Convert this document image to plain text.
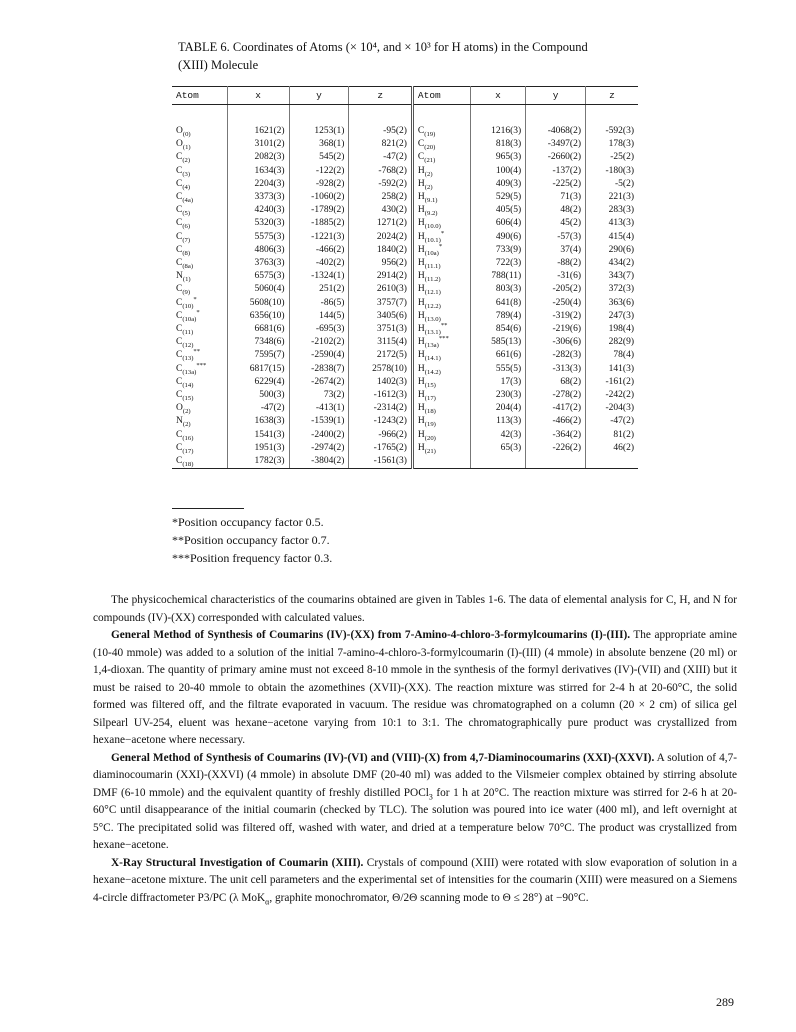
TABLE 6. Coordinates of Atoms (× 10⁴, and × 10³ for H atoms) in the Compound
(XIII) Molecule
Atom	x	y	z	Atom	x	y	z

$O_{(0)}$	1621(2)	1253(1)	-95(2)	$C_{(19)}$	1216(3)	-4068(2)	-592(3)
$O_{(1)}$	3101(2)	368(1)	821(2)	$C_{(20)}$	818(3)	-3497(2)	178(3)
$C_{(2)}$	2082(3)	545(2)	-47(2)	$C_{(21)}$	965(3)	-2660(2)	-25(2)
$C_{(3)}$	1634(3)	-122(2)	-768(2)	$H_{(2)}$	100(4)	-137(2)	-180(3)
$C_{(4)}$	2204(3)	-928(2)	-592(2)	$H_{(2)}$	409(3)	-225(2)	-5(2)
$C_{(4a)}$	3373(3)	-1060(2)	258(2)	$H_{(9.1)}$	529(5)	71(3)	221(3)
$C_{(5)}$	4240(3)	-1789(2)	430(2)	$H_{(9.2)}$	405(5)	48(2)	283(3)
$C_{(6)}$	5320(3)	-1885(2)	1271(2)	$H_{(10.0)}$	606(4)	45(2)	413(3)
$C_{(7)}$	5575(3)	-1221(3)	2024(2)	$H_{(10.1)}^*$	490(6)	-57(3)	415(4)
$C_{(8)}$	4806(3)	-466(2)	1840(2)	$H_{(10a)}^*$	733(9)	37(4)	290(6)
$C_{(8a)}$	3763(3)	-402(2)	956(2)	$H_{(11.1)}$	722(3)	-88(2)	434(2)
$N_{(1)}$	6575(3)	-1324(1)	2914(2)	$H_{(11.2)}$	788(11)	-31(6)	343(7)
$C_{(9)}$	5060(4)	251(2)	2610(3)	$H_{(12.1)}$	803(3)	-205(2)	372(3)
$C_{(10)}^*$	5608(10)	-86(5)	3757(7)	$H_{(12.2)}$	641(8)	-250(4)	363(6)
$C_{(10a)}^*$	6356(10)	144(5)	3405(6)	$H_{(13.0)}$	789(4)	-319(2)	247(3)
$C_{(11)}$	6681(6)	-695(3)	3751(3)	$H_{(13.1)}^{**}$	854(6)	-219(6)	198(4)
$C_{(12)}$	7348(6)	-2102(2)	3115(4)	$H_{(13a)}^{***}$	585(13)	-306(6)	282(9)
$C_{(13)}^{**}$	7595(7)	-2590(4)	2172(5)	$H_{(14.1)}$	661(6)	-282(3)	78(4)
$C_{(13a)}^{***}$	6817(15)	-2838(7)	2578(10)	$H_{(14.2)}$	555(5)	-313(3)	141(3)
$C_{(14)}$	6229(4)	-2674(2)	1402(3)	$H_{(15)}$	17(3)	68(2)	-161(2)
$C_{(15)}$	500(3)	73(2)	-1612(3)	$H_{(17)}$	230(3)	-278(2)	-242(2)
$O_{(2)}$	-47(2)	-413(1)	-2314(2)	$H_{(18)}$	204(4)	-417(2)	-204(3)
$N_{(2)}$	1638(3)	-1539(1)	-1243(2)	$H_{(19)}$	113(3)	-466(2)	-47(2)
$C_{(16)}$	1541(3)	-2400(2)	-966(2)	$H_{(20)}$	42(3)	-364(2)	81(2)
$C_{(17)}$	1951(3)	-2974(2)	-1765(2)	$H_{(21)}$	65(3)	-226(2)	46(2)
$C_{(18)}$	1782(3)	-3804(2)	-1561(3)				
*Position occupancy factor 0.5.
**Position occupancy factor 0.7.
***Position frequency factor 0.3.

The physicochemical characteristics of the coumarins obtained are given in Tables 1-6. The data of elemental analysis for C, H, and N for compounds (IV)-(XX) corresponded with calculated values.

General Method of Synthesis of Coumarins (IV)-(XX) from 7-Amino-4-chloro-3-formylcoumarins (I)-(III). The appropriate amine (10-40 mmole) was added to a solution of the initial 7-amino-4-chloro-3-formylcoumarin (I)-(III) (4 mmole) in absolute benzene (20 ml) or 1,4-dioxan. The quantity of primary amine must not exceed 8-10 mmole in the synthesis of the formyl derivatives (IV)-(VII) and (XIII) but it must be raised to 20-40 mmole to obtain the azomethines (XVII)-(XX). The reaction mixture was stirred for 2-4 h at 20-60°C, the solid formed was filtered off, and the filtrate evaporated in vacuum. The residue was chromatographed on a column (20 × 2 cm) of silica gel Silpearl UV-254, eluent was hexane−acetone varying from 10:1 to 3:1. The chromatographically pure product was crystallized from hexane−acetone where necessary.

General Method of Synthesis of Coumarins (IV)-(VI) and (VIII)-(X) from 4,7-Diaminocoumarins (XXI)-(XXVI). A solution of 4,7-diaminocoumarin (XXI)-(XXVI) (4 mmole) in absolute DMF (20-40 ml) was added to the Vilsmeier complex obtained by stirring absolute DMF (6-10 mmole) and the equivalent quantity of freshly distilled POCl$_3$ for 1 h at 20°C. The reaction mixture was stirred for 2-6 h at 20-60°C until disappearance of the initial coumarin (checked by TLC). The solution was poured into ice water (400 ml), and left overnight at 5°C. The precipitated solid was filtered off, washed with water, and dried at a temperature below 70°C. The product was crystallized from hexane−acetone.

X-Ray Structural Investigation of Coumarin (XIII). Crystals of compound (XIII) were rotated with slow evaporation of solution in a hexane−acetone mixture. The unit cell parameters and the experimental set of intensities for the coumarin (XIII) were measured on a Siemens 4-circle diffractometer P3/PC (λ MoK$_\alpha$, graphite monochromator, Θ/2Θ scanning mode to Θ ≤ 28°) at −90°C.

289
